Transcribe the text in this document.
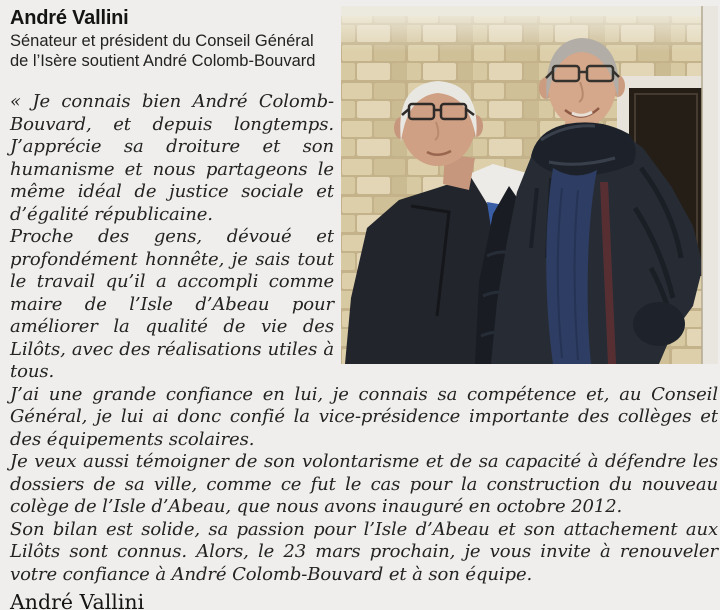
André Vallini

Sénateur et président du Conseil Général de l’Isère soutient André Colomb-Bouvard

« Je connais bien André Colomb-Bouvard, et depuis longtemps. J’apprécie sa droiture et son humanisme et nous partageons le même idéal de justice sociale et d’égalité républicaine.

Proche des gens, dévoué et profondément honnête, je sais tout le travail qu’il a accompli comme maire de l’Isle d’Abeau pour améliorer la qualité de vie des Lilôts, avec des réalisations utiles à tous.

J’ai une grande confiance en lui, je connais sa compétence et, au Conseil Général, je lui ai donc confié la vice-présidence importante des collèges et des équipements scolaires.

Je veux aussi témoigner de son volontarisme et de sa capacité à défendre les dossiers de sa ville, comme ce fut le cas pour la construction du nouveau colège de l’Isle d’Abeau, que nous avons inauguré en octobre 2012.

Son bilan est solide, sa passion pour l’Isle d’Abeau et son attachement aux Lilôts sont connus. Alors, le 23 mars prochain, je vous invite à renouveler votre confiance à André Colomb-Bouvard et à son équipe.

André Vallini
